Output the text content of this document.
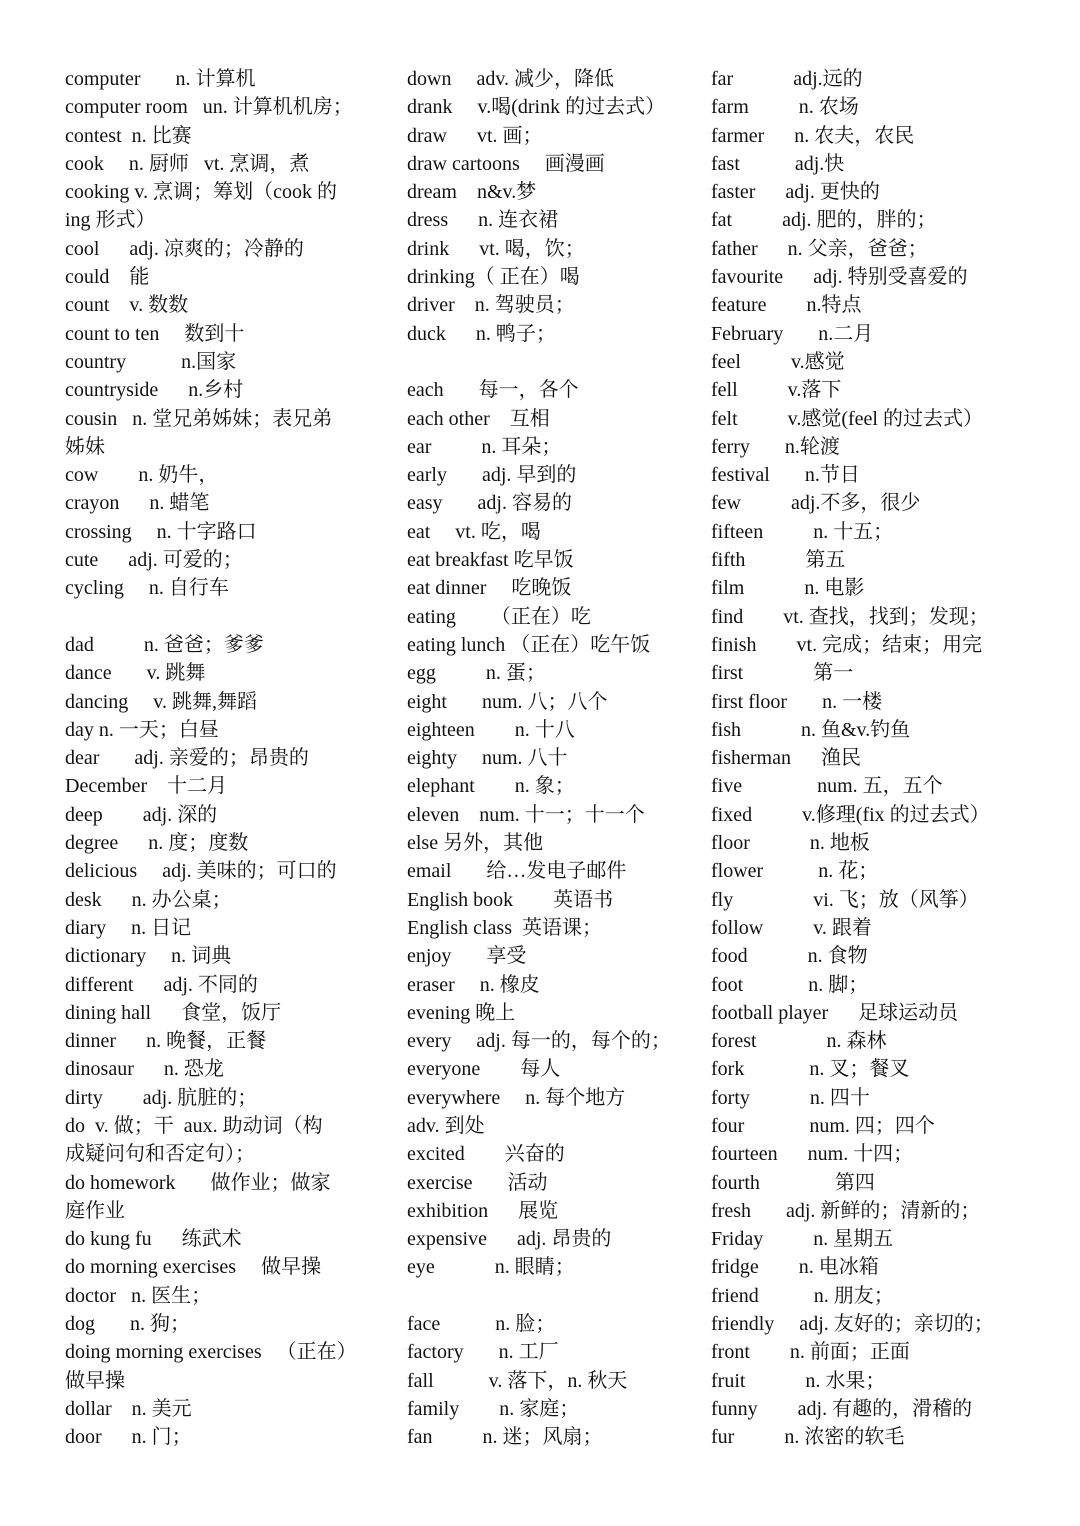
computer       n. 计算机
computer room   un. 计算机机房；
contest  n. 比赛
cook     n. 厨师   vt. 烹调，煮
cooking v. 烹调；筹划（cook 的
ing 形式）
cool      adj. 凉爽的；冷静的
could    能
count    v. 数数
count to ten     数到十
country           n.国家
countryside      n.乡村
cousin   n. 堂兄弟姊妹；表兄弟
姊妹
cow        n. 奶牛，
crayon      n. 蜡笔
crossing     n. 十字路口
cute      adj. 可爱的；
cycling     n. 自行车
dad          n. 爸爸；爹爹
dance       v. 跳舞
dancing     v. 跳舞,舞蹈
day n. 一天；白昼
dear       adj. 亲爱的；昂贵的
December    十二月
deep        adj. 深的
degree      n. 度；度数
delicious     adj. 美味的；可口的
desk      n. 办公桌；
diary     n. 日记
dictionary     n. 词典
different      adj. 不同的
dining hall      食堂，饭厅
dinner      n. 晚餐，正餐
dinosaur      n. 恐龙
dirty        adj. 肮脏的；
do  v. 做；干  aux. 助动词（构
成疑问句和否定句）；
do homework       做作业；做家
庭作业
do kung fu      练武术
do morning exercises     做早操
doctor   n. 医生；
dog       n. 狗；
doing morning exercises   （正在）
做早操
dollar    n. 美元
door      n. 门；
down     adv. 减少，降低
drank     v.喝(drink 的过去式）
draw      vt. 画；
draw cartoons     画漫画
dream    n&v.梦
dress      n. 连衣裙
drink      vt. 喝，饮；
drinking（ 正在）喝
driver    n. 驾驶员；
duck      n. 鸭子；
each       每一，各个
each other    互相
ear          n. 耳朵；
early       adj. 早到的
easy       adj. 容易的
eat     vt. 吃，喝
eat breakfast 吃早饭
eat dinner     吃晚饭
eating       （正在）吃
eating lunch （正在）吃午饭
egg          n. 蛋；
eight       num. 八；八个
eighteen        n. 十八
eighty     num. 八十
elephant        n. 象；
eleven    num. 十一；十一个
else 另外，其他
email       给…发电子邮件
English book        英语书
English class  英语课；
enjoy       享受
eraser     n. 橡皮
evening 晚上
every     adj. 每一的，每个的；
everyone        每人
everywhere     n. 每个地方
adv. 到处
excited        兴奋的
exercise       活动
exhibition      展览
expensive      adj. 昂贵的
eye            n. 眼睛；
face           n. 脸；
factory       n. 工厂
fall           v. 落下，n. 秋天
family        n. 家庭；
fan          n. 迷；风扇；
far            adj.远的
farm          n. 农场
farmer      n. 农夫，农民
fast           adj.快
faster      adj. 更快的
fat          adj. 肥的，胖的；
father      n. 父亲，爸爸；
favourite      adj. 特别受喜爱的
feature        n.特点
February       n.二月
feel          v.感觉
fell          v.落下
felt          v.感觉(feel 的过去式）
ferry       n.轮渡
festival       n.节日
few          adj.不多，很少
fifteen          n. 十五；
fifth            第五
film            n. 电影
find        vt. 查找，找到；发现；
finish        vt. 完成；结束；用完
first              第一
first floor       n. 一楼
fish            n. 鱼&v.钓鱼
fisherman      渔民
five               num. 五，五个
fixed          v.修理(fix 的过去式）
floor            n. 地板
flower           n. 花；
fly                vi. 飞；放（风筝）
follow          v. 跟着
food            n. 食物
foot             n. 脚；
football player      足球运动员
forest              n. 森林
fork             n. 叉；餐叉
forty            n. 四十
four             num. 四；四个
fourteen      num. 十四；
fourth               第四
fresh       adj. 新鲜的；清新的；
Friday          n. 星期五
fridge        n. 电冰箱
friend           n. 朋友；
friendly     adj. 友好的；亲切的；
front        n. 前面；正面
fruit            n. 水果；
funny        adj. 有趣的，滑稽的
fur          n. 浓密的软毛
